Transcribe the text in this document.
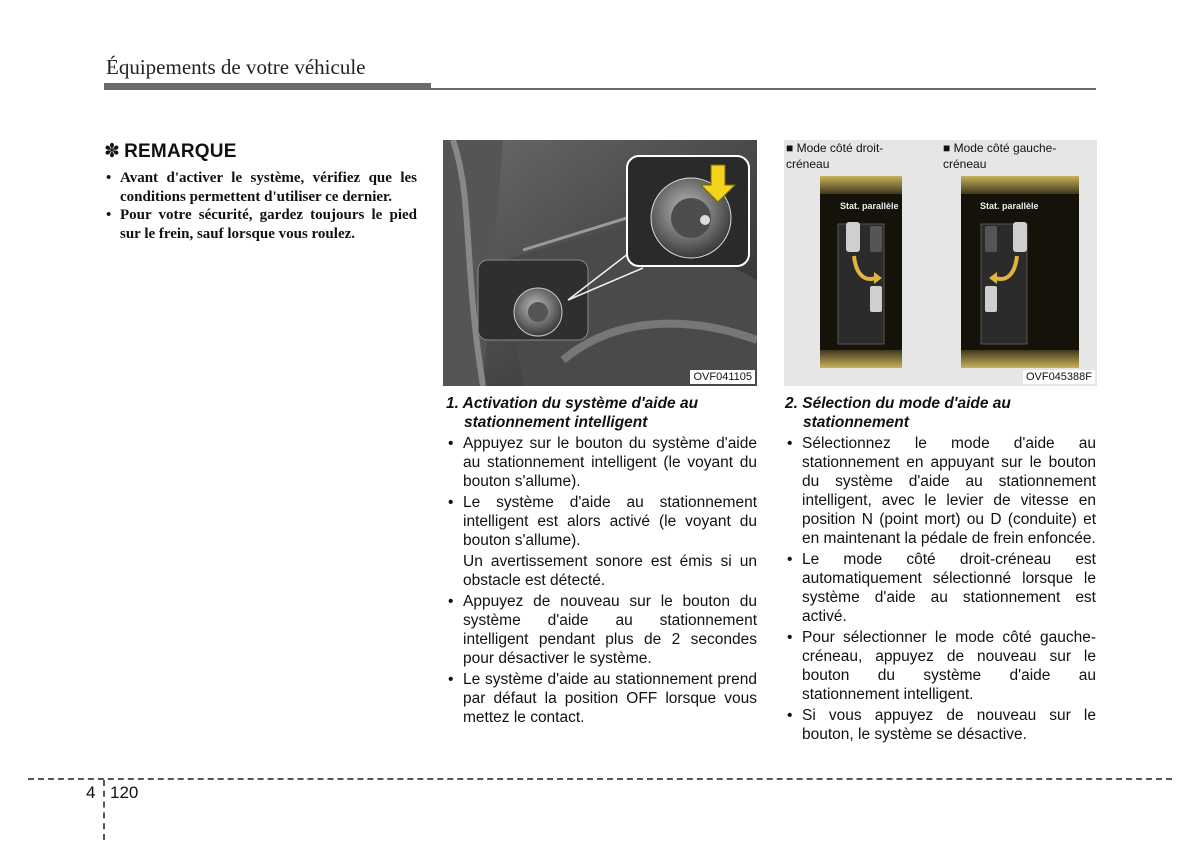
Équipements de votre véhicule
✽ REMARQUE
• Avant d'activer le système, vérifiez que les conditions permettent d'utiliser ce dernier.
• Pour votre sécurité, gardez toujours le pied sur le frein, sauf lorsque vous roulez.
OVF041105
■ Mode côté droit-
créneau
■ Mode côté gauche-
créneau
Stat. parallèle	Stat. parallèle
OVF045388F
1. Activation du système d'aide au stationnement intelligent
• Appuyez sur le bouton du système d'aide au stationnement intelligent (le voyant du bouton s'allume).
• Le système d'aide au stationnement intelligent est alors activé (le voyant du bouton s'allume).

Un avertissement sonore est émis si un obstacle est détecté.

• Appuyez de nouveau sur le bouton du système d'aide au stationnement intelligent pendant plus de 2 secondes pour désactiver le système.
• Le système d'aide au stationnement prend par défaut la position OFF lorsque vous mettez le contact.
2. Sélection du mode d'aide au stationnement
• Sélectionnez le mode d'aide au stationnement en appuyant sur le bouton du système d'aide au stationnement intelligent, avec le levier de vitesse en position N (point mort) ou D (conduite) et en maintenant la pédale de frein enfoncée.
• Le mode côté droit-créneau est automatiquement sélectionné lorsque le système d'aide au stationnement est activé.
• Pour sélectionner le mode côté gauche-créneau, appuyez de nouveau sur le bouton du système d'aide au stationnement intelligent.
• Si vous appuyez de nouveau sur le bouton, le système se désactive.
4 120
